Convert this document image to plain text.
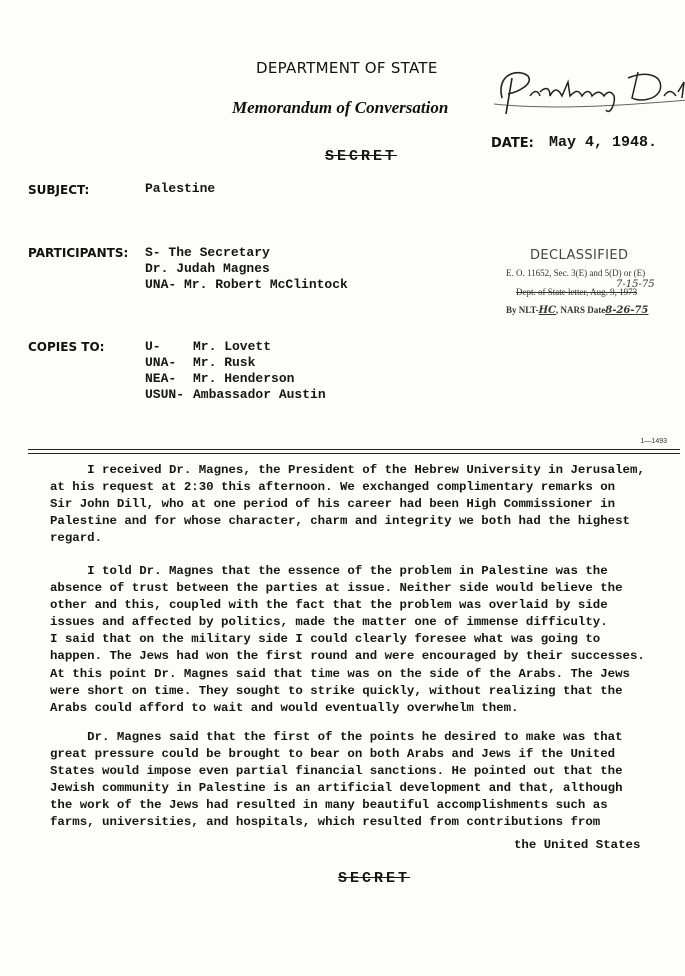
DEPARTMENT OF STATE
Memorandum of Conversation
SECRET
DATE: May 4, 1948.
SUBJECT:	Palestine
PARTICIPANTS: S- The Secretary
Dr. Judah Magnes
UNA- Mr. Robert McClintock
DECLASSIFIED
E. O. 11652, Sec. 3(E) and 5(D) or (E)
Dept. of State letter, Aug. 9, 1973
7-15-75
By NLT-HC, NARS Date8-26-75
COPIES TO:	U-
UNA-
NEA-
USUN-
Mr. Lovett
Mr. Rusk
Mr. Henderson
Ambassador Austin
1—1493
I received Dr. Magnes, the President of the Hebrew University in Jerusalem,
at his request at 2:30 this afternoon. We exchanged complimentary remarks on
Sir John Dill, who at one period of his career had been High Commissioner in
Palestine and for whose character, charm and integrity we both had the highest
regard.
I told Dr. Magnes that the essence of the problem in Palestine was the
absence of trust between the parties at issue. Neither side would believe the
other and this, coupled with the fact that the problem was overlaid by side
issues and affected by politics, made the matter one of immense difficulty.
I said that on the military side I could clearly foresee what was going to
happen. The Jews had won the first round and were encouraged by their successes.
At this point Dr. Magnes said that time was on the side of the Arabs. The Jews
were short on time. They sought to strike quickly, without realizing that the
Arabs could afford to wait and would eventually overwhelm them.
Dr. Magnes said that the first of the points he desired to make was that
great pressure could be brought to bear on both Arabs and Jews if the United
States would impose even partial financial sanctions. He pointed out that the
Jewish community in Palestine is an artificial development and that, although
the work of the Jews had resulted in many beautiful accomplishments such as
farms, universities, and hospitals, which resulted from contributions from
the United States
SECRET
